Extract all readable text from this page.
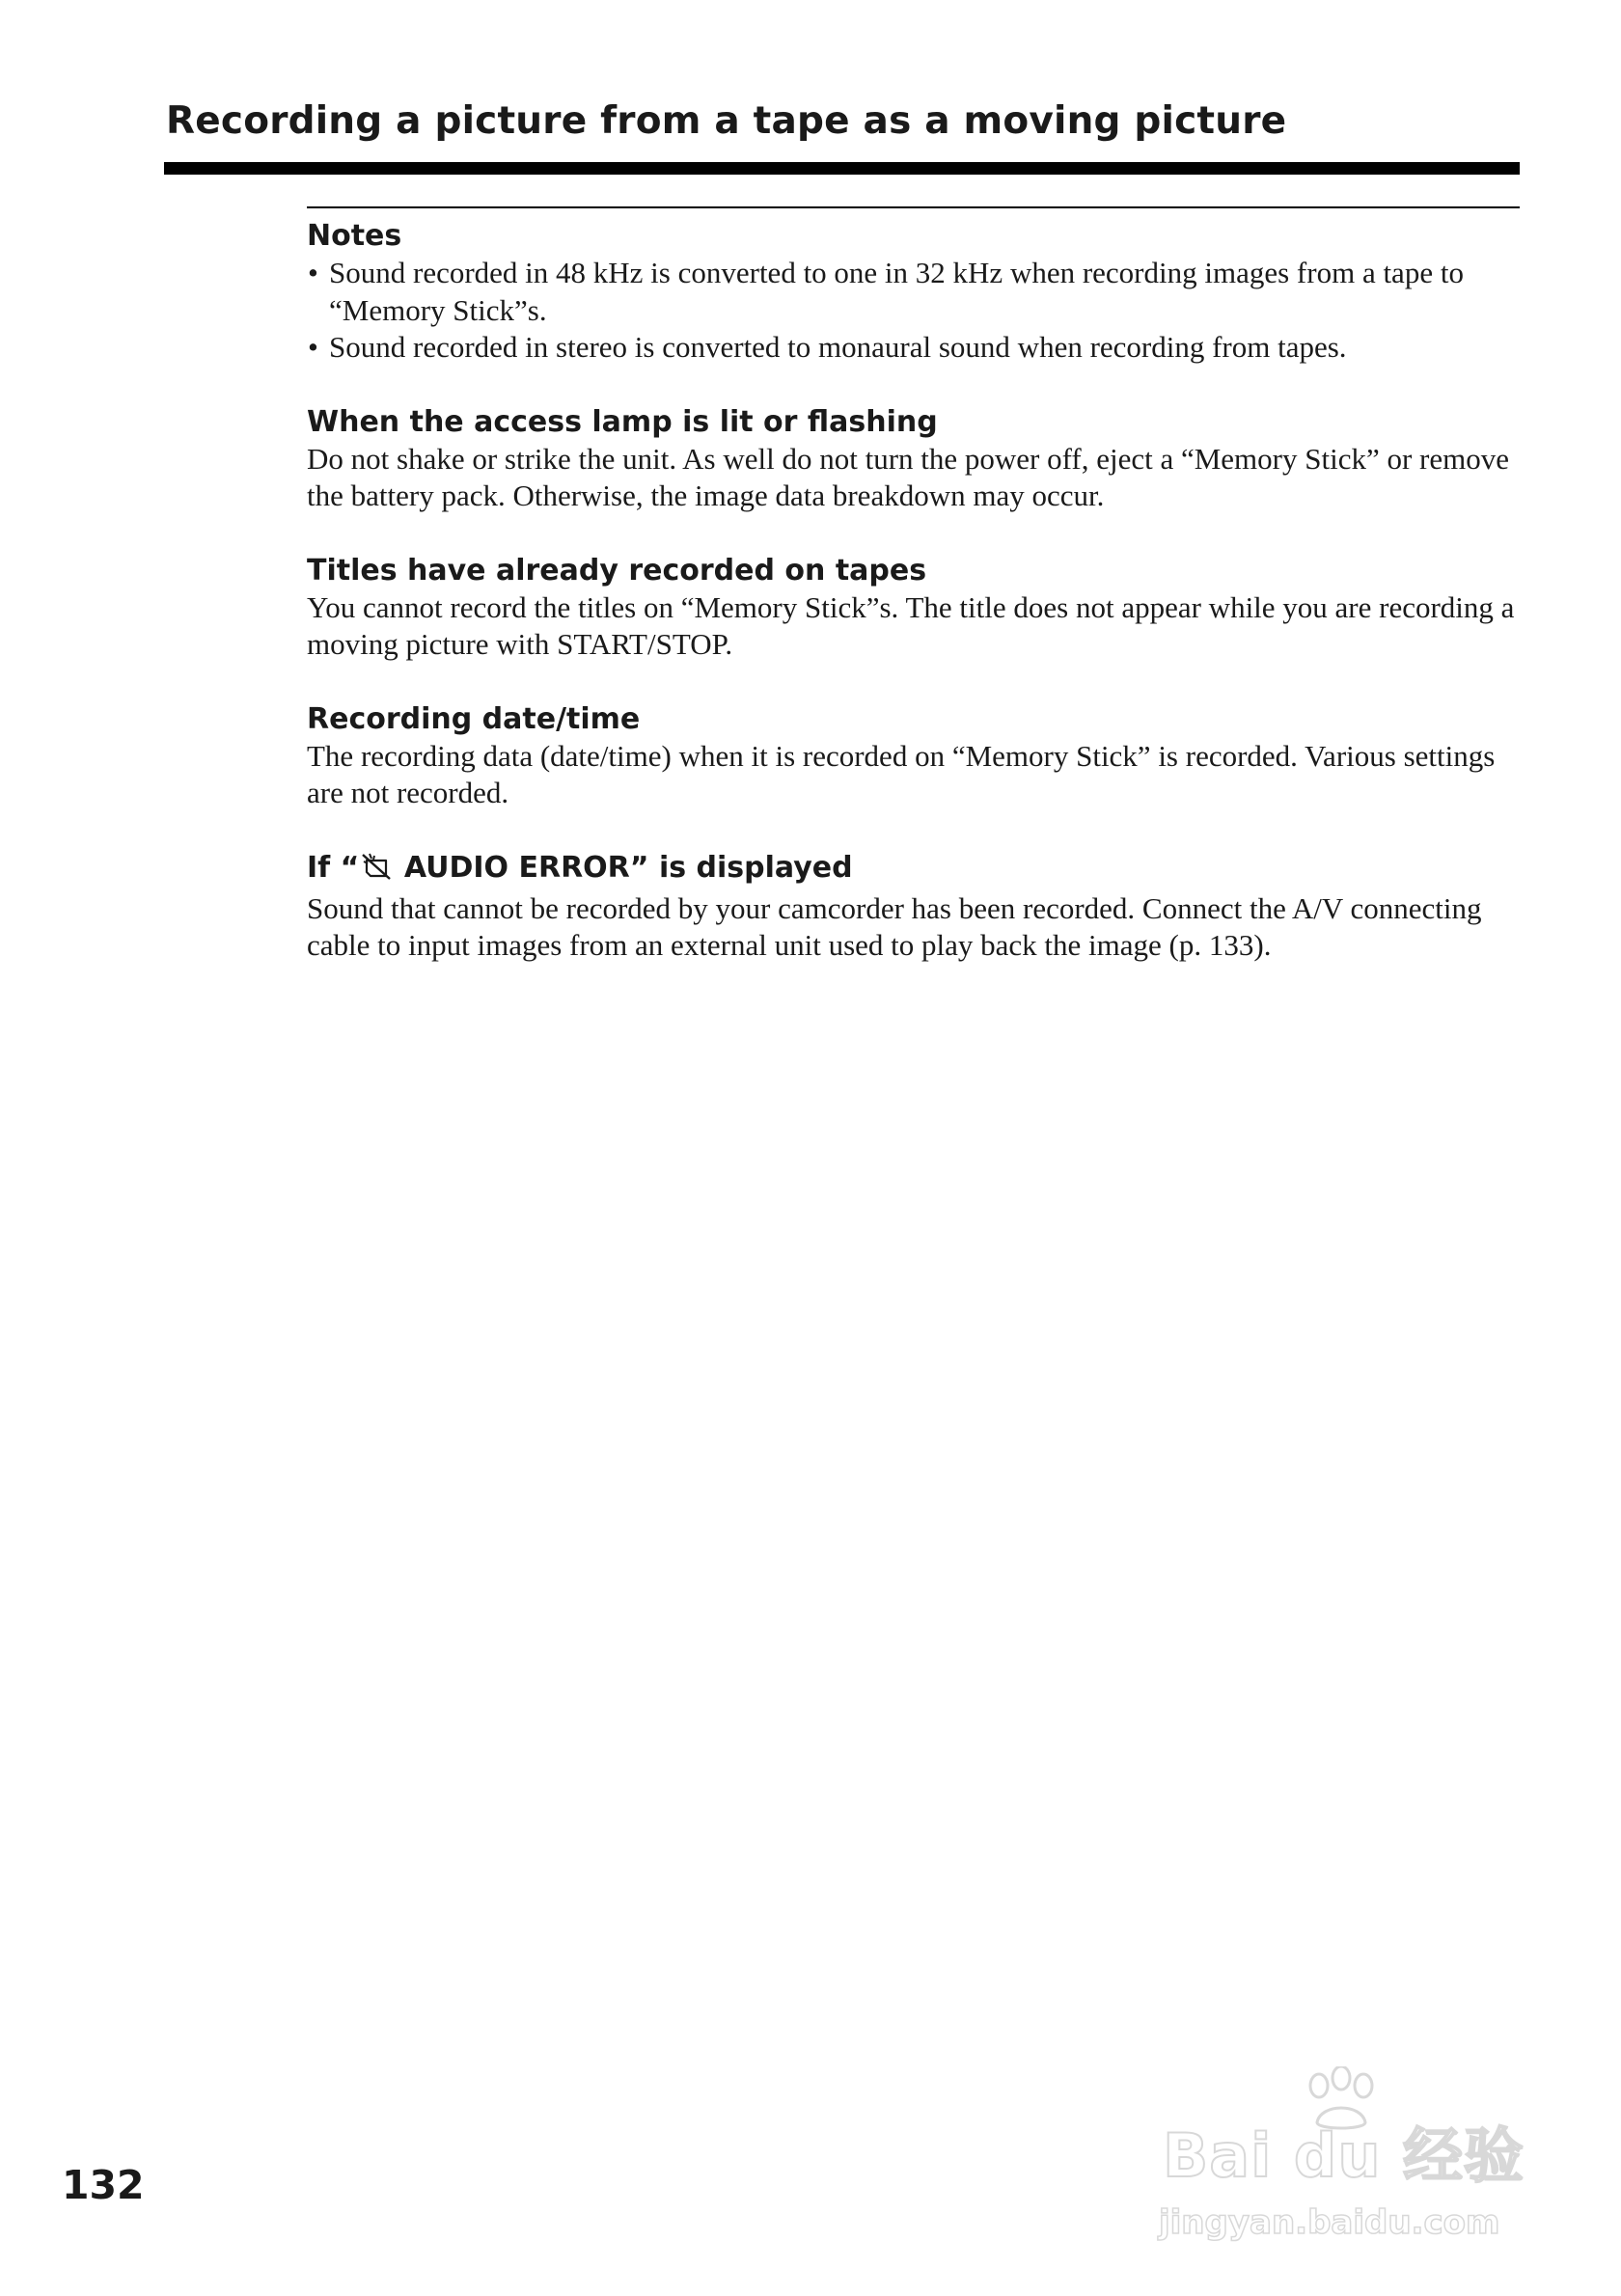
Recording a picture from a tape as a moving picture
Notes
• Sound recorded in 48 kHz is converted to one in 32 kHz when recording images from a tape to “Memory Stick”s.
• Sound recorded in stereo is converted to monaural sound when recording from tapes.
When the access lamp is lit or flashing

Do not shake or strike the unit. As well do not turn the power off, eject a “Memory Stick” or remove the battery pack. Otherwise, the image data breakdown may occur.

Titles have already recorded on tapes

You cannot record the titles on “Memory Stick”s. The title does not appear while you are recording a moving picture with START/STOP.

Recording date/time

The recording data (date/time) when it is recorded on “Memory Stick” is recorded. Various settings are not recorded.

If “ AUDIO ERROR” is displayed

Sound that cannot be recorded by your camcorder has been recorded. Connect the A/V connecting cable to input images from an external unit used to play back the image (p. 133).

132	Bai du 经验
jingyan.baidu.com
